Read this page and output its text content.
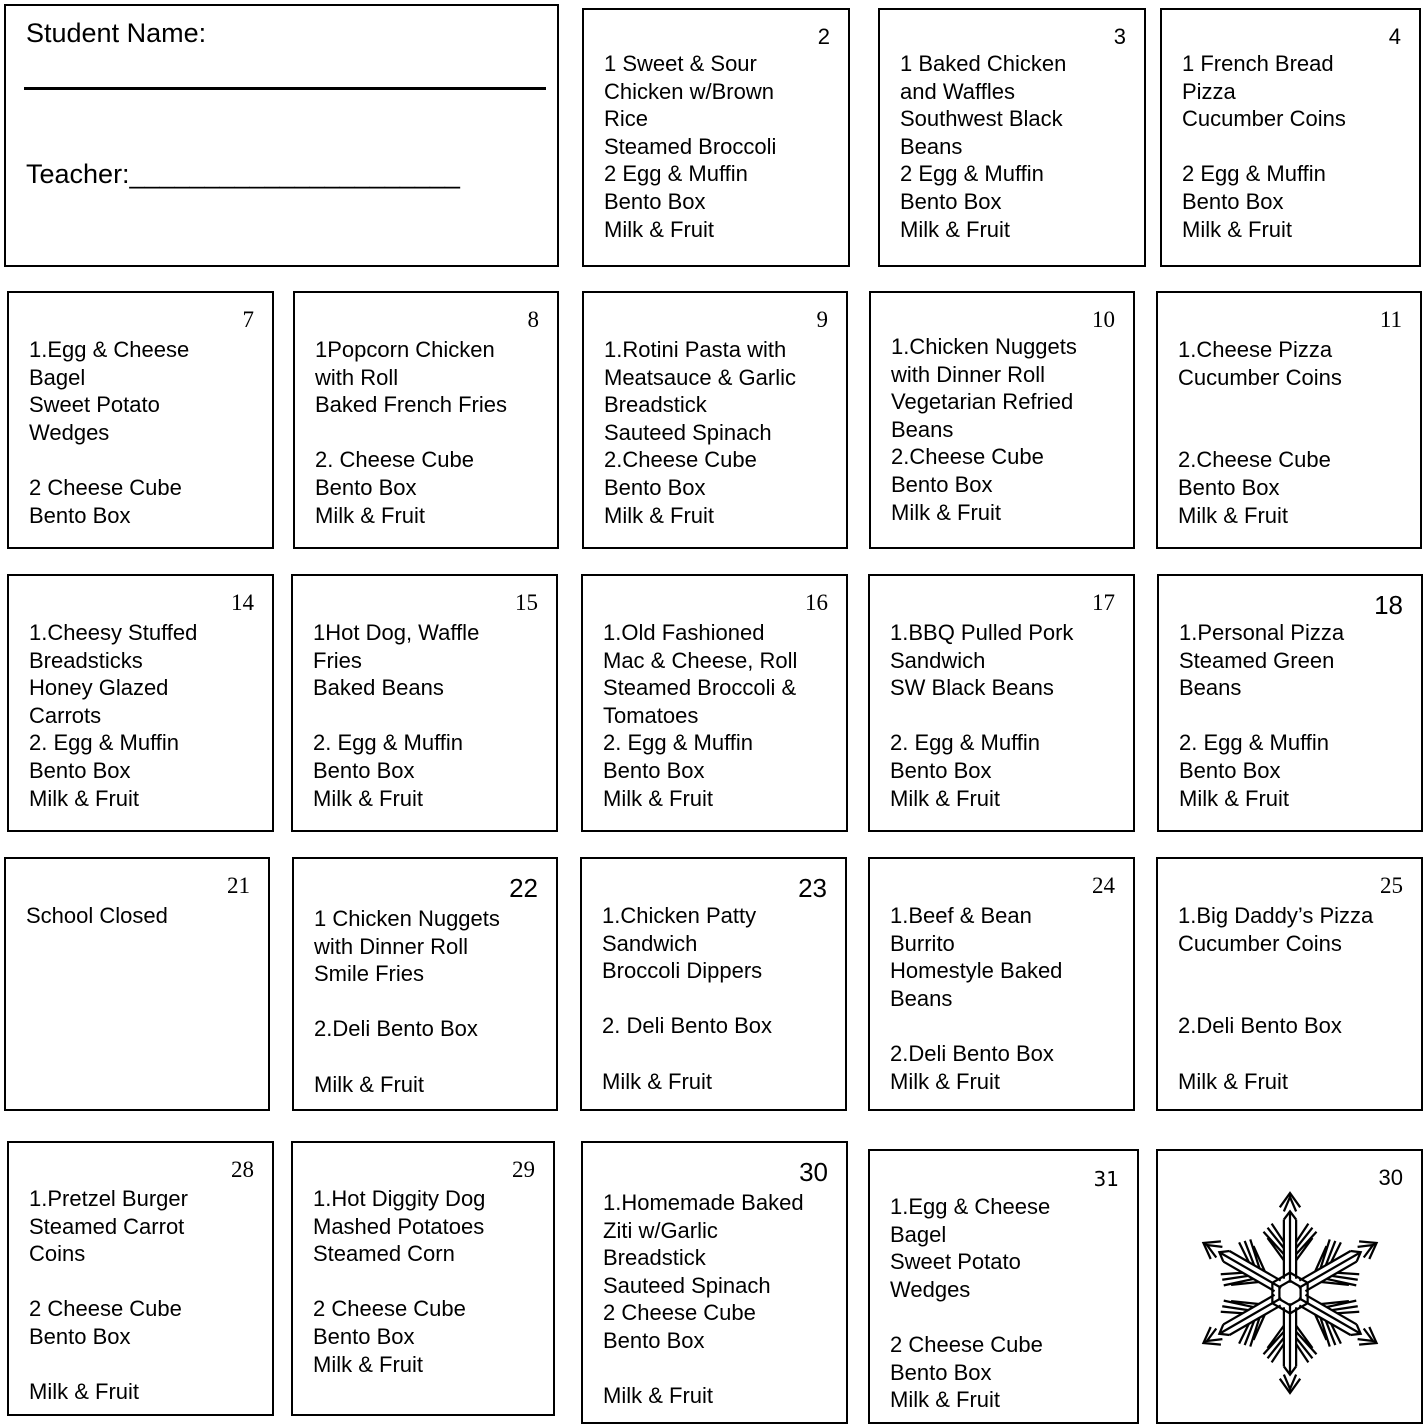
Student Name:
Teacher:______________________
2
1 Sweet & Sour
Chicken w/Brown
Rice
Steamed Broccoli
2 Egg & Muffin
Bento Box
Milk & Fruit
3
1 Baked Chicken
and Waffles
Southwest Black
Beans
2 Egg & Muffin
Bento Box
Milk & Fruit
4
1 French Bread
Pizza
Cucumber Coins
2 Egg & Muffin
Bento Box
Milk & Fruit
7
1.Egg & Cheese
Bagel
Sweet Potato
Wedges
2 Cheese Cube
Bento Box
8
1Popcorn Chicken
with Roll
Baked French Fries
2. Cheese Cube
Bento Box
Milk & Fruit
9
1.Rotini Pasta with
Meatsauce & Garlic
Breadstick
Sauteed Spinach
2.Cheese Cube
Bento Box
Milk & Fruit
10
1.Chicken Nuggets
with Dinner Roll
Vegetarian Refried
Beans
2.Cheese Cube
Bento Box
Milk & Fruit
11
1.Cheese Pizza
Cucumber Coins
2.Cheese Cube
Bento Box
Milk & Fruit
14
1.Cheesy Stuffed
Breadsticks
Honey Glazed
Carrots
2. Egg & Muffin
Bento Box
Milk & Fruit
15
1Hot Dog, Waffle
Fries
Baked Beans
2. Egg & Muffin
Bento Box
Milk & Fruit
16
1.Old Fashioned
Mac & Cheese, Roll
Steamed Broccoli &
Tomatoes
2. Egg & Muffin
Bento Box
Milk & Fruit
17
1.BBQ Pulled Pork
Sandwich
SW Black Beans
2. Egg & Muffin
Bento Box
Milk & Fruit
18
1.Personal Pizza
Steamed Green
Beans
2. Egg & Muffin
Bento Box
Milk & Fruit
21
School Closed
22
1 Chicken Nuggets
with Dinner Roll
Smile Fries
2.Deli Bento Box
Milk & Fruit
23
1.Chicken Patty
Sandwich
Broccoli Dippers
2. Deli Bento Box
Milk & Fruit
24
1.Beef & Bean
Burrito
Homestyle Baked
Beans
2.Deli Bento Box
Milk & Fruit
25
1.Big Daddy’s Pizza
Cucumber Coins
2.Deli Bento Box
Milk & Fruit
28
1.Pretzel Burger
Steamed Carrot
Coins
2 Cheese Cube
Bento Box
Milk & Fruit
29
1.Hot Diggity Dog
Mashed Potatoes
Steamed Corn
2 Cheese Cube
Bento Box
Milk & Fruit
30
1.Homemade Baked
Ziti w/Garlic
Breadstick
Sauteed Spinach
2 Cheese Cube
Bento Box
Milk & Fruit
31
1.Egg & Cheese
Bagel
Sweet Potato
Wedges
2 Cheese Cube
Bento Box
Milk & Fruit
30
